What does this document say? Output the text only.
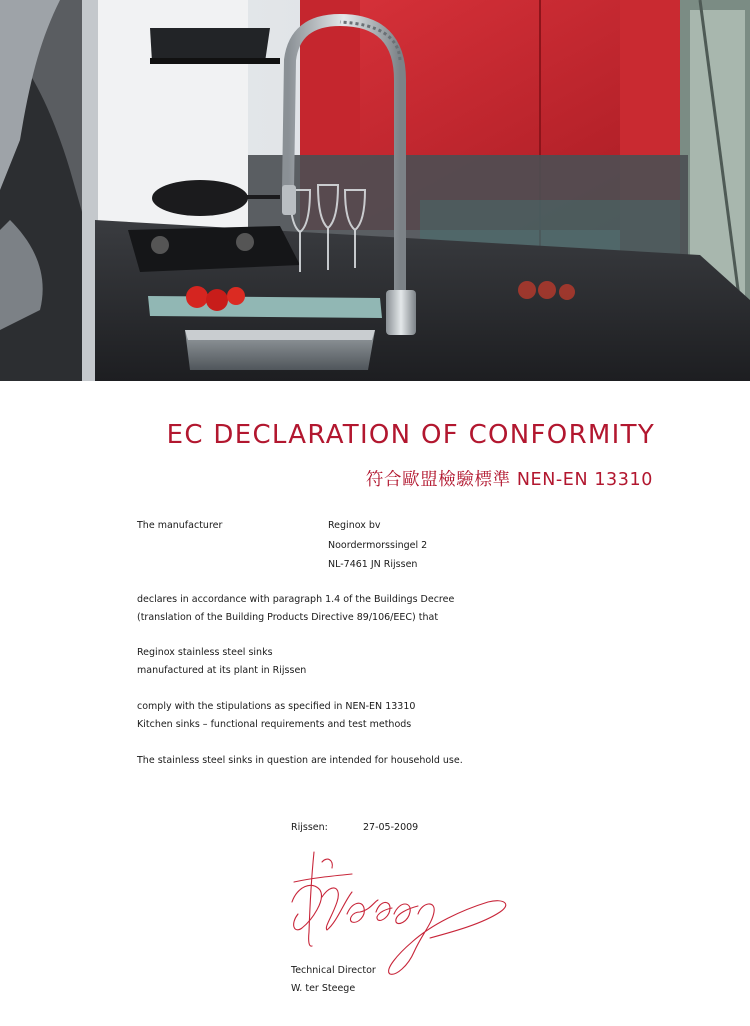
EC DECLARATION OF CONFORMITY
符合歐盟檢驗標準 NEN-EN 13310
The manufacturer	Reginox bv
Noordermorssingel 2
NL-7461 JN Rijssen
declares in accordance with paragraph 1.4 of the Buildings Decree
(translation of the Building Products Directive 89/106/EEC) that
Reginox stainless steel sinks
manufactured at its plant in Rijssen
comply with the stipulations as specified in NEN-EN 13310
Kitchen sinks – functional requirements and test methods
The stainless steel sinks in question are intended for household use.
Rijssen:	27-05-2009
Technical Director
W. ter Steege
